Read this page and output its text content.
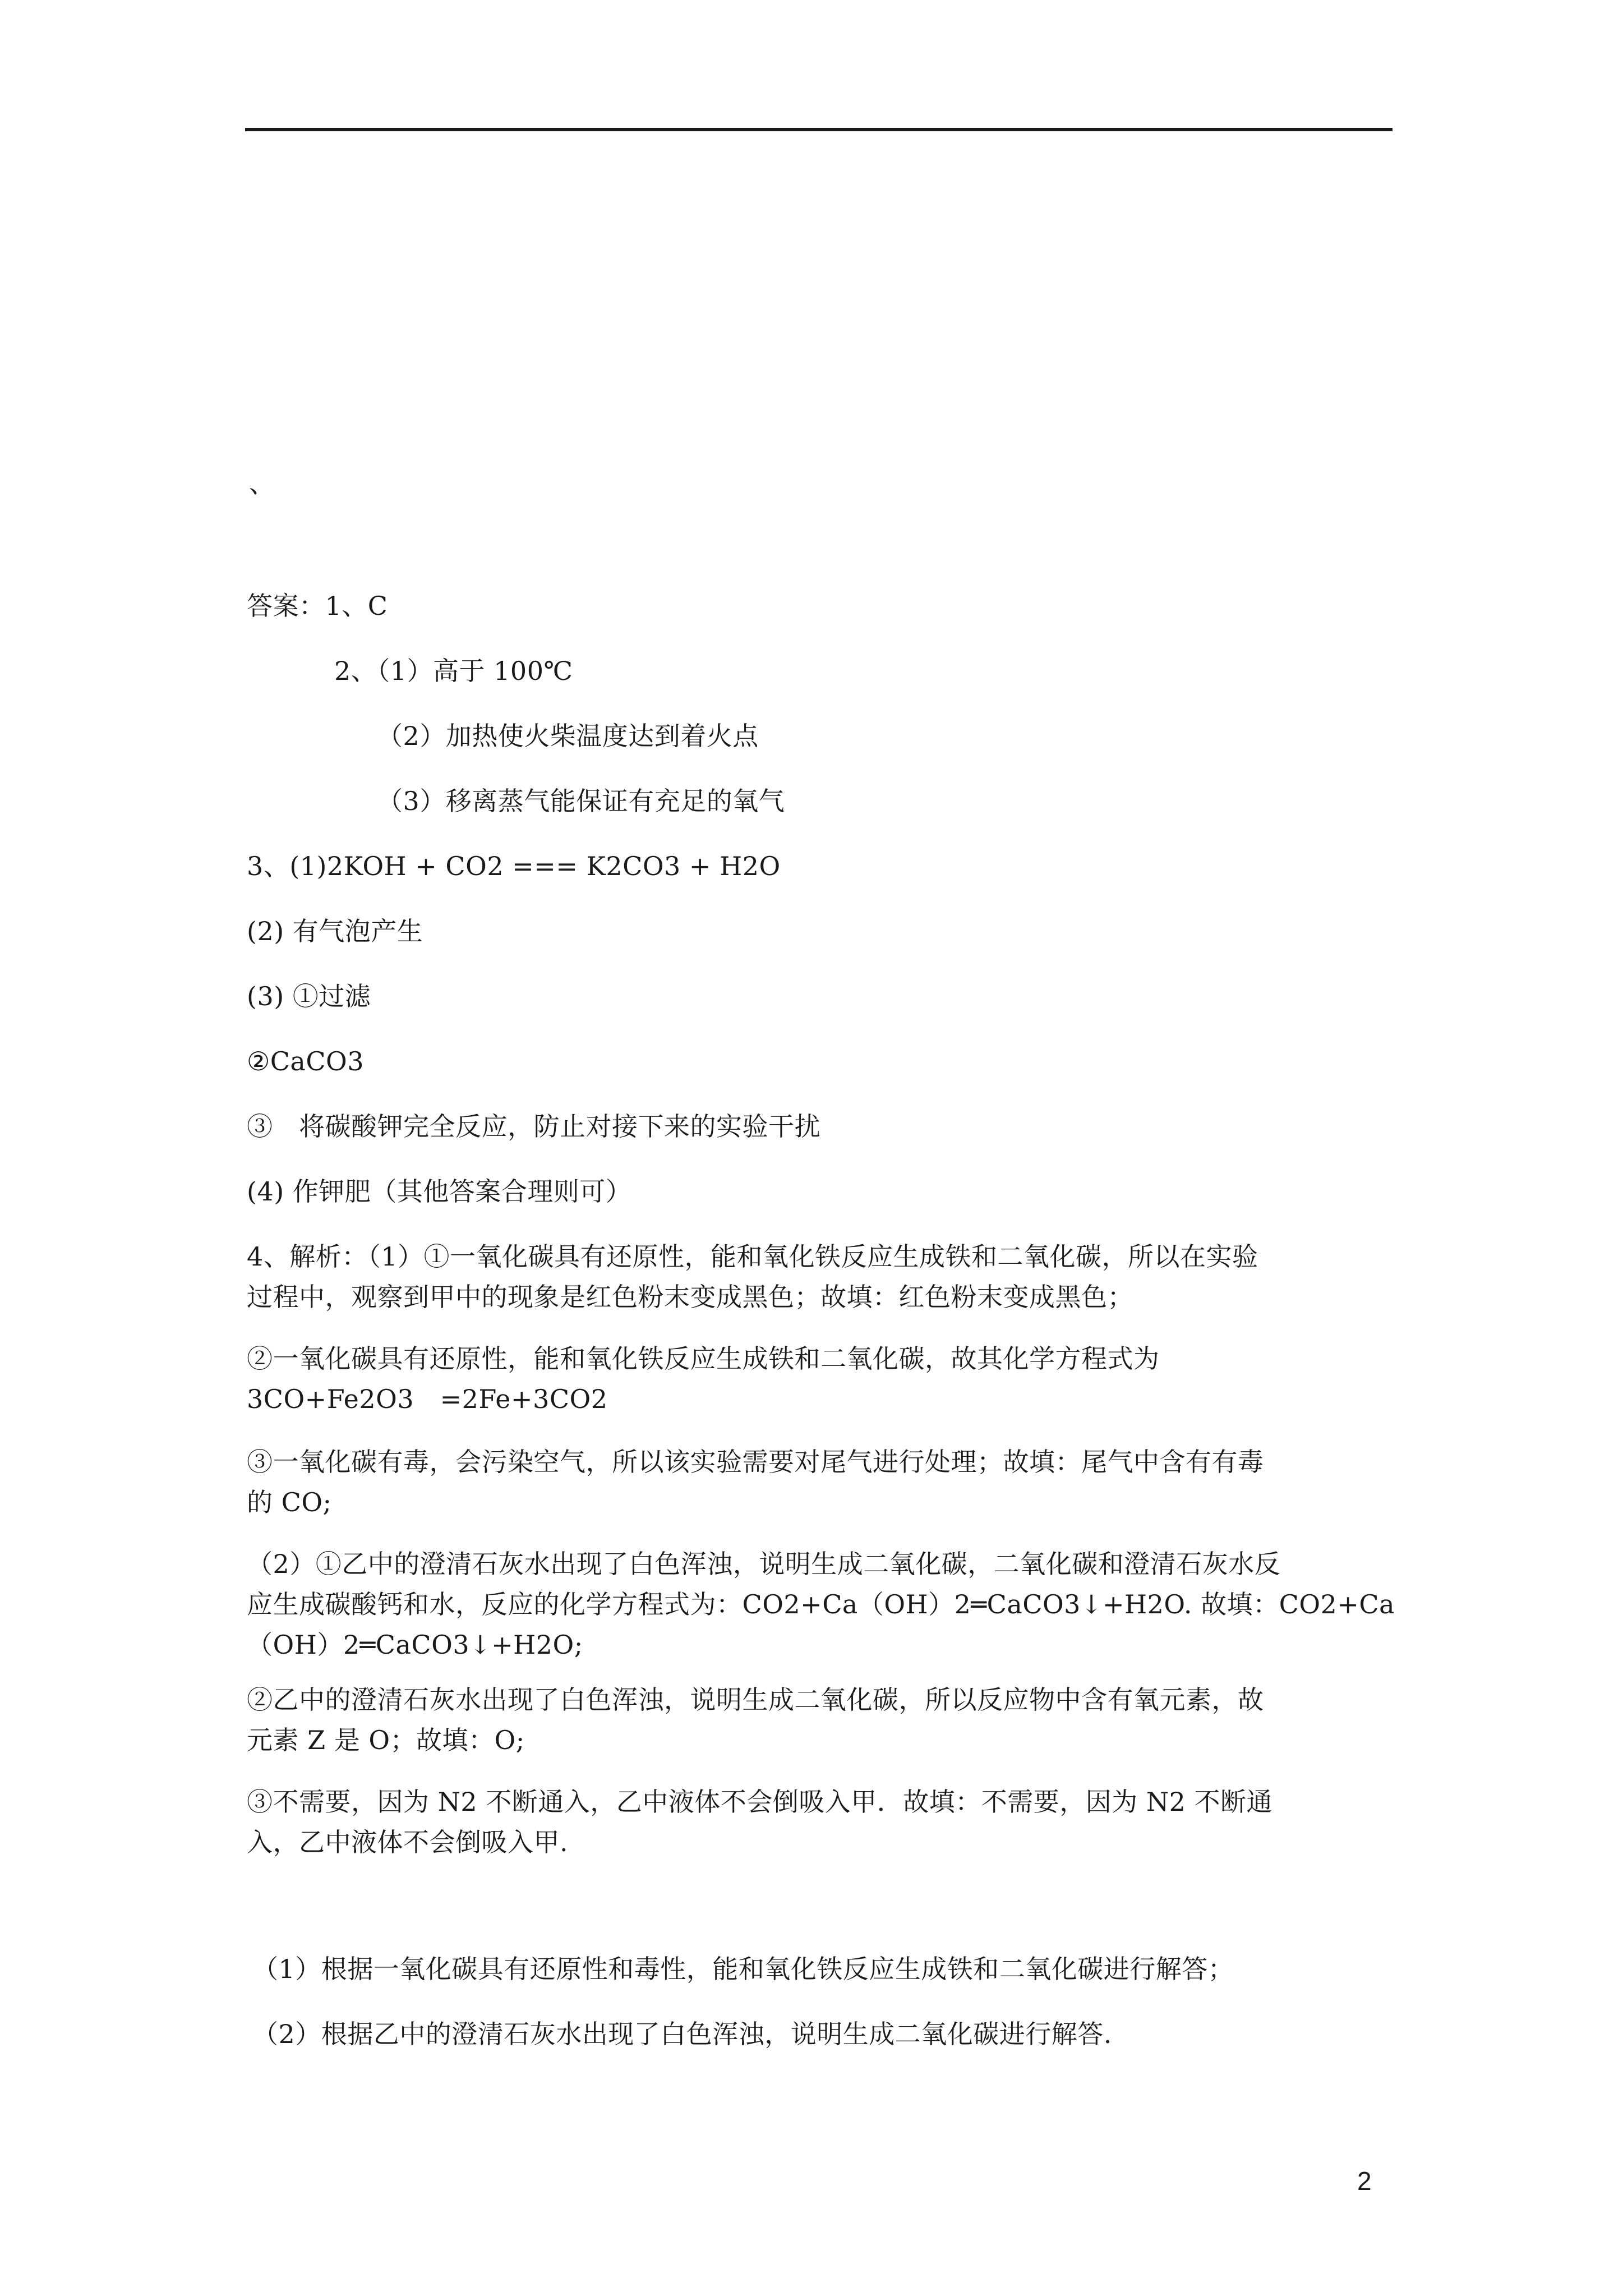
、
答案：1、C
2、（1）高于 100℃
（2）加热使火柴温度达到着火点
（3）移离蒸气能保证有充足的氧气
3、(1)2KOH + CO2 === K2CO3 + H2O
(2) 有气泡产生
(3) ①过滤
②CaCO3
③　将碳酸钾完全反应，防止对接下来的实验干扰
(4) 作钾肥（其他答案合理则可）
4、解析：（1）①一氧化碳具有还原性，能和氧化铁反应生成铁和二氧化碳，所以在实验
过程中，观察到甲中的现象是红色粉末变成黑色；故填：红色粉末变成黑色；
②一氧化碳具有还原性，能和氧化铁反应生成铁和二氧化碳，故其化学方程式为
3CO+Fe2O3　=2Fe+3CO2
③一氧化碳有毒，会污染空气，所以该实验需要对尾气进行处理；故填：尾气中含有有毒
的 CO;
（2）①乙中的澄清石灰水出现了白色浑浊，说明生成二氧化碳，二氧化碳和澄清石灰水反
应生成碳酸钙和水，反应的化学方程式为：CO2+Ca（OH）2═CaCO3↓+H2O. 故填：CO2+Ca
（OH）2═CaCO3↓+H2O;
②乙中的澄清石灰水出现了白色浑浊，说明生成二氧化碳，所以反应物中含有氧元素，故
元素 Z 是 O；故填：O;
③不需要，因为 N2 不断通入，乙中液体不会倒吸入甲．故填：不需要，因为 N2 不断通
入，乙中液体不会倒吸入甲.
（1）根据一氧化碳具有还原性和毒性，能和氧化铁反应生成铁和二氧化碳进行解答；
（2）根据乙中的澄清石灰水出现了白色浑浊，说明生成二氧化碳进行解答.
2
